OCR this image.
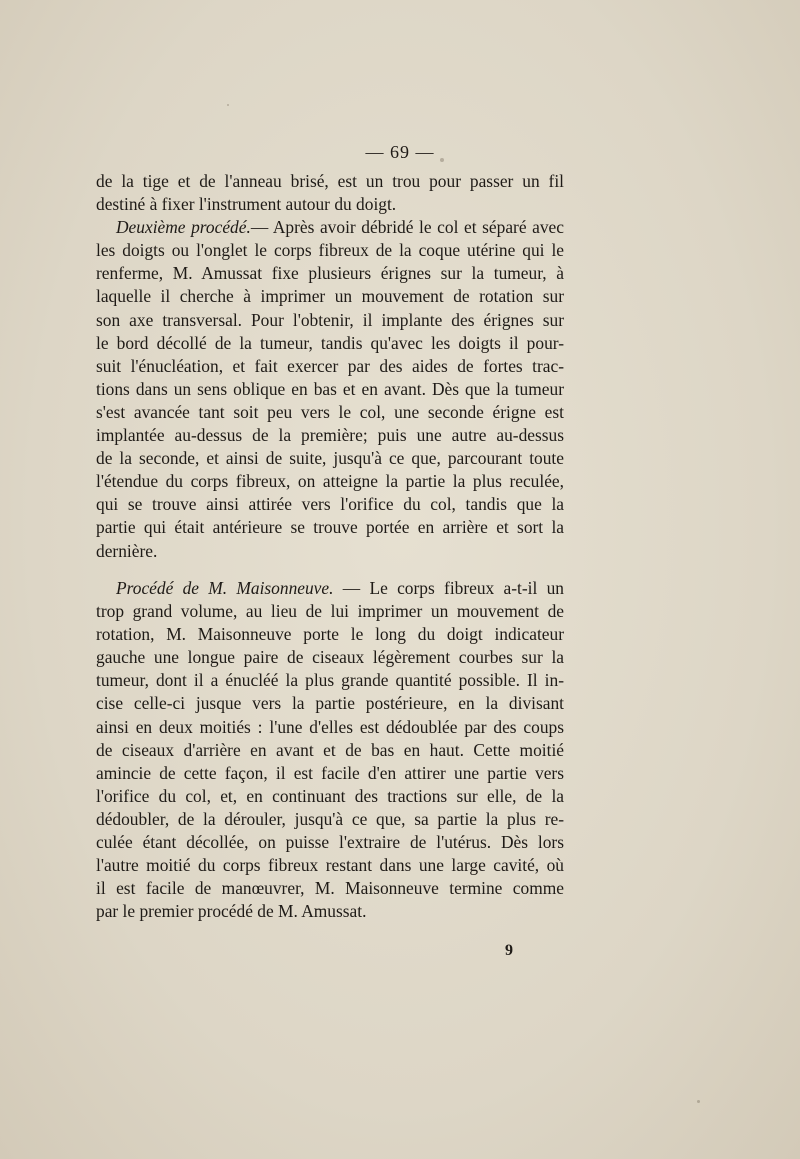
— 69 —
de la tige et de l'anneau brisé, est un trou pour passer un fil
destiné à fixer l'instrument autour du doigt.
Deuxième procédé.— Après avoir débridé le col et séparé avec
les doigts ou l'onglet le corps fibreux de la coque utérine qui le
renferme, M. Amussat fixe plusieurs érignes sur la tumeur, à
laquelle il cherche à imprimer un mouvement de rotation sur
son axe transversal. Pour l'obtenir, il implante des érignes sur
le bord décollé de la tumeur, tandis qu'avec les doigts il pour-
suit l'énucléation, et fait exercer par des aides de fortes trac-
tions dans un sens oblique en bas et en avant. Dès que la tumeur
s'est avancée tant soit peu vers le col, une seconde érigne est
implantée au-dessus de la première; puis une autre au-dessus
de la seconde, et ainsi de suite, jusqu'à ce que, parcourant toute
l'étendue du corps fibreux, on atteigne la partie la plus reculée,
qui se trouve ainsi attirée vers l'orifice du col, tandis que la
partie qui était antérieure se trouve portée en arrière et sort la
dernière.
Procédé de M. Maisonneuve. — Le corps fibreux a-t-il un
trop grand volume, au lieu de lui imprimer un mouvement de
rotation, M. Maisonneuve porte le long du doigt indicateur
gauche une longue paire de ciseaux légèrement courbes sur la
tumeur, dont il a énucléé la plus grande quantité possible. Il in-
cise celle-ci jusque vers la partie postérieure, en la divisant
ainsi en deux moitiés : l'une d'elles est dédoublée par des coups
de ciseaux d'arrière en avant et de bas en haut. Cette moitié
amincie de cette façon, il est facile d'en attirer une partie vers
l'orifice du col, et, en continuant des tractions sur elle, de la
dédoubler, de la dérouler, jusqu'à ce que, sa partie la plus re-
culée étant décollée, on puisse l'extraire de l'utérus. Dès lors
l'autre moitié du corps fibreux restant dans une large cavité, où
il est facile de manœuvrer, M. Maisonneuve termine comme
par le premier procédé de M. Amussat.
9
